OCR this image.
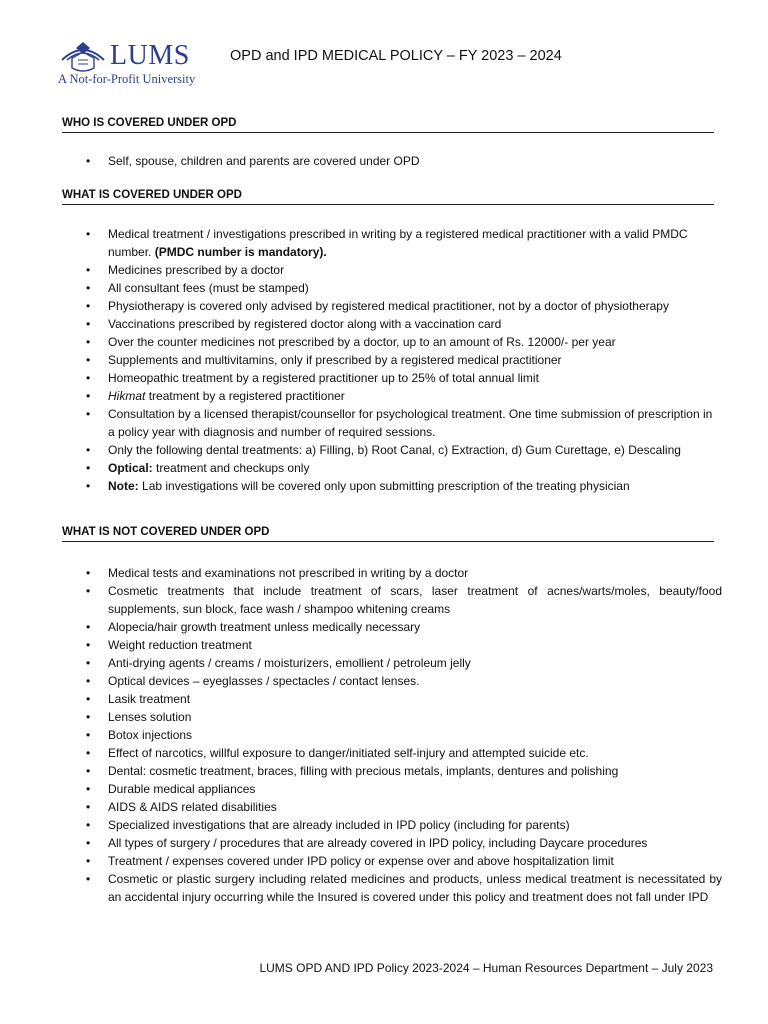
LUMS
A Not-for-Profit University
OPD and IPD MEDICAL POLICY – FY 2023 – 2024
WHO IS COVERED UNDER OPD
• Self, spouse, children and parents are covered under OPD
WHAT IS COVERED UNDER OPD
• Medical treatment / investigations prescribed in writing by a registered medical practitioner with a valid PMDC number. (PMDC number is mandatory).
• Medicines prescribed by a doctor
• All consultant fees (must be stamped)
• Physiotherapy is covered only advised by registered medical practitioner, not by a doctor of physiotherapy
• Vaccinations prescribed by registered doctor along with a vaccination card
• Over the counter medicines not prescribed by a doctor, up to an amount of Rs. 12000/- per year
• Supplements and multivitamins, only if prescribed by a registered medical practitioner
• Homeopathic treatment by a registered practitioner up to 25% of total annual limit
• Hikmat treatment by a registered practitioner
• Consultation by a licensed therapist/counsellor for psychological treatment. One time submission of prescription in a policy year with diagnosis and number of required sessions.
• Only the following dental treatments: a) Filling, b) Root Canal, c) Extraction, d) Gum Curettage, e) Descaling
• Optical: treatment and checkups only
• Note: Lab investigations will be covered only upon submitting prescription of the treating physician
WHAT IS NOT COVERED UNDER OPD
• Medical tests and examinations not prescribed in writing by a doctor
• Cosmetic treatments that include treatment of scars, laser treatment of acnes/warts/moles, beauty/food supplements, sun block, face wash / shampoo whitening creams
• Alopecia/hair growth treatment unless medically necessary
• Weight reduction treatment
• Anti-drying agents / creams / moisturizers, emollient / petroleum jelly
• Optical devices – eyeglasses / spectacles / contact lenses.
• Lasik treatment
• Lenses solution
• Botox injections
• Effect of narcotics, willful exposure to danger/initiated self-injury and attempted suicide etc.
• Dental: cosmetic treatment, braces, filling with precious metals, implants, dentures and polishing
• Durable medical appliances
• AIDS & AIDS related disabilities
• Specialized investigations that are already included in IPD policy (including for parents)
• All types of surgery / procedures that are already covered in IPD policy, including Daycare procedures
• Treatment / expenses covered under IPD policy or expense over and above hospitalization limit
• Cosmetic or plastic surgery including related medicines and products, unless medical treatment is necessitated by an accidental injury occurring while the Insured is covered under this policy and treatment does not fall under IPD
LUMS OPD AND IPD Policy 2023-2024 – Human Resources Department – July 2023
